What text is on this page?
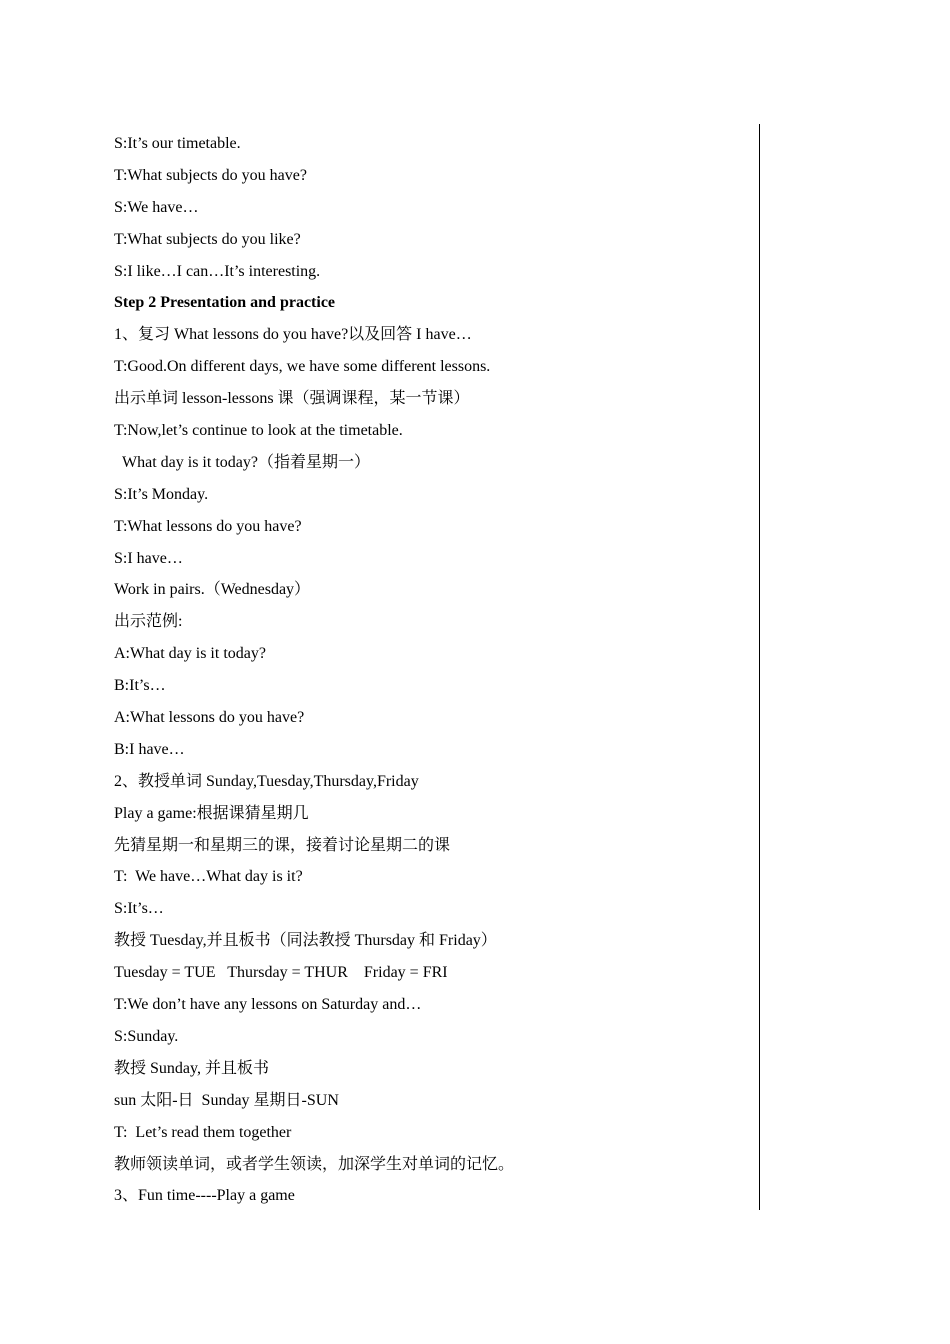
S:It’s our timetable.
T:What subjects do you have?
S:We have…
T:What subjects do you like?
S:I like…I can…It’s interesting.
Step 2 Presentation and practice
1、复习 What lessons do you have?以及回答 I have…
T:Good.On different days, we have some different lessons.
出示单词 lesson-lessons 课（强调课程，某一节课）
T:Now,let’s continue to look at the timetable.
What day is it today?（指着星期一）
S:It’s Monday.
T:What lessons do you have?
S:I have…
Work in pairs.（Wednesday）
出示范例:
A:What day is it today?
B:It’s…
A:What lessons do you have?
B:I have…
2、教授单词 Sunday,Tuesday,Thursday,Friday
Play a game:根据课猜星期几
先猜星期一和星期三的课，接着讨论星期二的课
T:  We have…What day is it?
S:It’s…
教授 Tuesday,并且板书（同法教授 Thursday 和 Friday）
Tuesday = TUE   Thursday = THUR    Friday = FRI
T:We don’t have any lessons on Saturday and…
S:Sunday.
教授 Sunday, 并且板书
sun 太阳-日  Sunday 星期日-SUN
T:  Let’s read them together
教师领读单词，或者学生领读，加深学生对单词的记忆。
3、Fun time----Play a game
